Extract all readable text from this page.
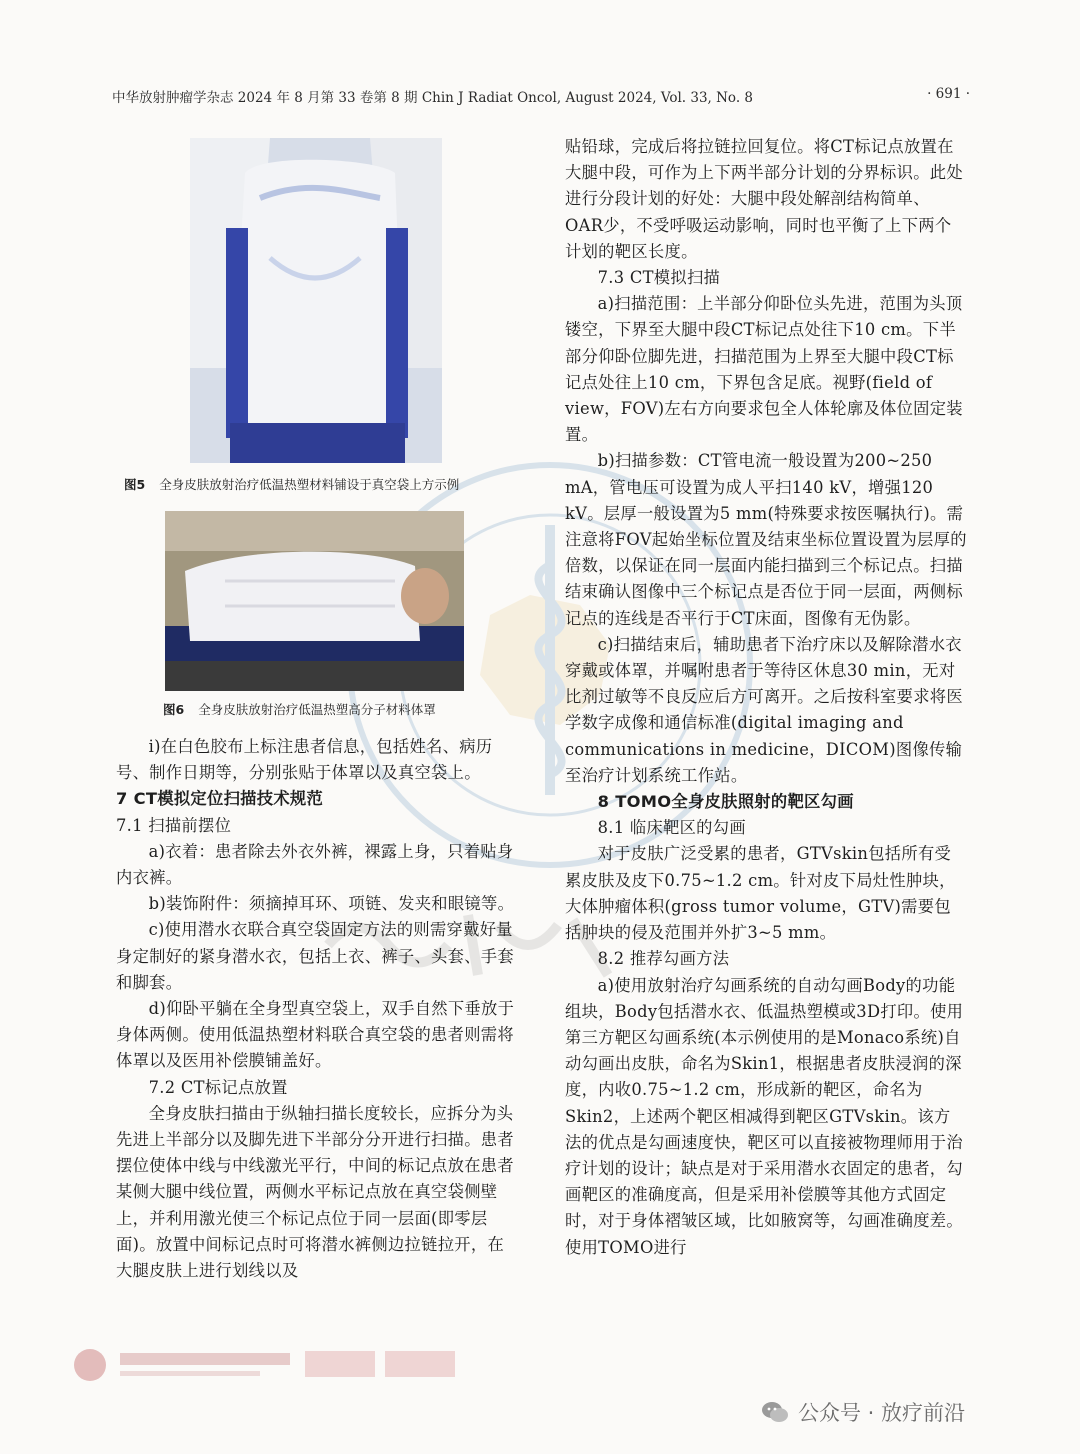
中华放射肿瘤学杂志 2024 年 8 月第 33 卷第 8 期 Chin J Radiat Oncol, August 2024, Vol. 33, No. 8	· 691 ·
图5 全身皮肤放射治疗低温热塑材料铺设于真空袋上方示例
图6 全身皮肤放射治疗低温热塑高分子材料体罩

i)在白色胶布上标注患者信息，包括姓名、病历号、制作日期等，分别张贴于体罩以及真空袋上。

7 CT模拟定位扫描技术规范

7.1 扫描前摆位

a)衣着：患者除去外衣外裤，裸露上身，只着贴身内衣裤。

b)装饰附件：须摘掉耳环、项链、发夹和眼镜等。

c)使用潜水衣联合真空袋固定方法的则需穿戴好量身定制好的紧身潜水衣，包括上衣、裤子、头套、手套和脚套。

d)仰卧平躺在全身型真空袋上，双手自然下垂放于身体两侧。使用低温热塑材料联合真空袋的患者则需将体罩以及医用补偿膜铺盖好。

7.2 CT标记点放置

全身皮肤扫描由于纵轴扫描长度较长，应拆分为头先进上半部分以及脚先进下半部分分开进行扫描。患者摆位使体中线与中线激光平行，中间的标记点放在患者某侧大腿中线位置，两侧水平标记点放在真空袋侧壁上，并利用激光使三个标记点位于同一层面(即零层面)。放置中间标记点时可将潜水裤侧边拉链拉开，在大腿皮肤上进行划线以及

贴铅球，完成后将拉链拉回复位。将CT标记点放置在大腿中段，可作为上下两半部分计划的分界标识。此处进行分段计划的好处：大腿中段处解剖结构简单、OAR少，不受呼吸运动影响，同时也平衡了上下两个计划的靶区长度。

7.3 CT模拟扫描

a)扫描范围：上半部分仰卧位头先进，范围为头顶镂空，下界至大腿中段CT标记点处往下10 cm。下半部分仰卧位脚先进，扫描范围为上界至大腿中段CT标记点处往上10 cm，下界包含足底。视野(field of view，FOV)左右方向要求包全人体轮廓及体位固定装置。

b)扫描参数：CT管电流一般设置为200~250 mA，管电压可设置为成人平扫140 kV，增强120 kV。层厚一般设置为5 mm(特殊要求按医嘱执行)。需注意将FOV起始坐标位置及结束坐标位置设置为层厚的倍数，以保证在同一层面内能扫描到三个标记点。扫描结束确认图像中三个标记点是否位于同一层面，两侧标记点的连线是否平行于CT床面，图像有无伪影。

c)扫描结束后，辅助患者下治疗床以及解除潜水衣穿戴或体罩，并嘱咐患者于等待区休息30 min，无对比剂过敏等不良反应后方可离开。之后按科室要求将医学数字成像和通信标准(digital imaging and communications in medicine，DICOM)图像传输至治疗计划系统工作站。

8 TOMO全身皮肤照射的靶区勾画

8.1 临床靶区的勾画

对于皮肤广泛受累的患者，GTVskin包括所有受累皮肤及皮下0.75~1.2 cm。针对皮下局灶性肿块，大体肿瘤体积(gross tumor volume，GTV)需要包括肿块的侵及范围并外扩3~5 mm。

8.2 推荐勾画方法

a)使用放射治疗勾画系统的自动勾画Body的功能组块，Body包括潜水衣、低温热塑模或3D打印。使用第三方靶区勾画系统(本示例使用的是Monaco系统)自动勾画出皮肤，命名为Skin1，根据患者皮肤浸润的深度，内收0.75~1.2 cm，形成新的靶区，命名为Skin2，上述两个靶区相减得到靶区GTVskin。该方法的优点是勾画速度快，靶区可以直接被物理师用于治疗计划的设计；缺点是对于采用潜水衣固定的患者，勾画靶区的准确度高，但是采用补偿膜等其他方式固定时，对于身体褶皱区域，比如腋窝等，勾画准确度差。使用TOMO进行

公众号 · 放疗前沿
